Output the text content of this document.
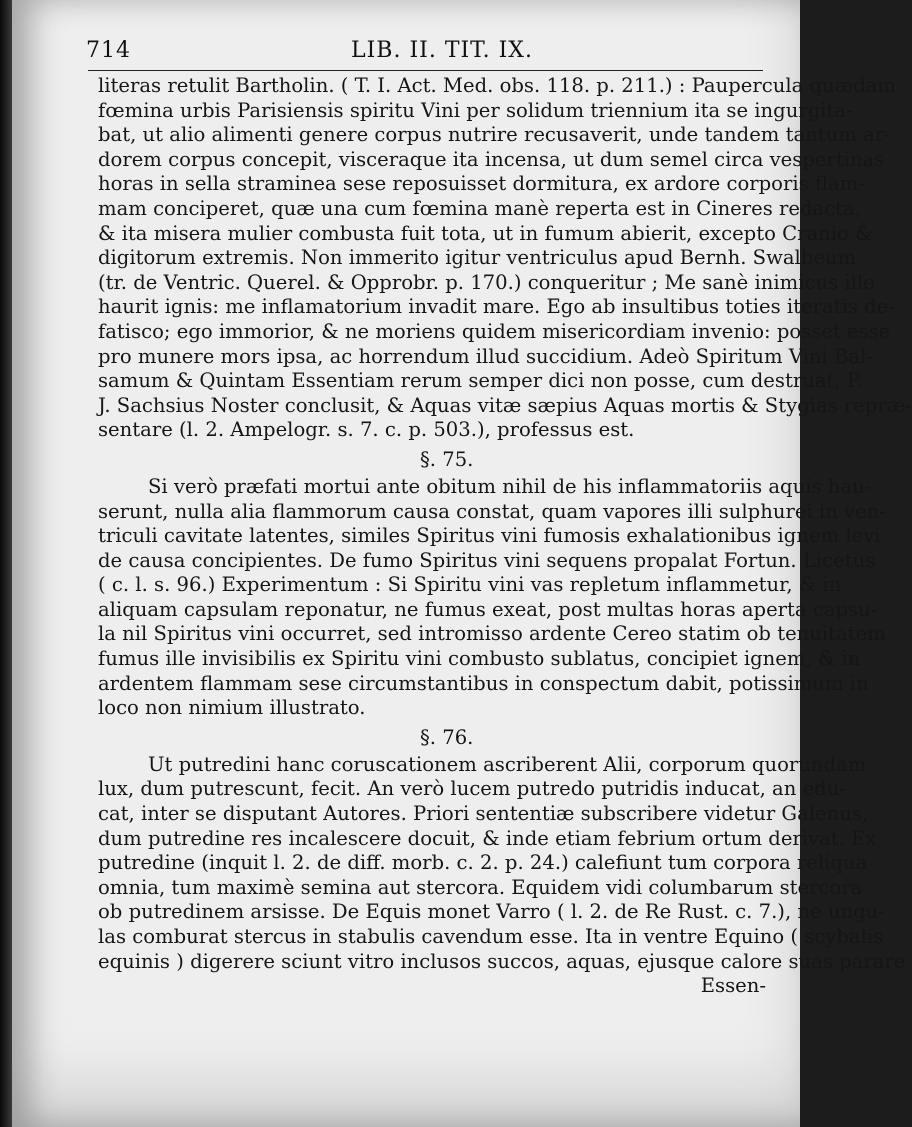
714	LIB. II. TIT. IX.
literas retulit Bartholin. ( T. I. Act. Med. obs. 118. p. 211.) : Paupercula quædam
fœmina urbis Parisiensis spiritu Vini per solidum triennium ita se ingurgita-
bat, ut alio alimenti genere corpus nutrire recusaverit, unde tandem tantum ar-
dorem corpus concepit, visceraque ita incensa, ut dum semel circa vespertinas
horas in sella straminea sese reposuisset dormitura, ex ardore corporis flam-
mam conciperet, quæ una cum fœmina manè reperta est in Cineres redacta,
& ita misera mulier combusta fuit tota, ut in fumum abierit, excepto Cranio &
digitorum extremis. Non immerito igitur ventriculus apud Bernh. Swalbeum
(tr. de Ventric. Querel. & Opprobr. p. 170.) conqueritur ; Me sanè inimicus ille
haurit ignis: me inflamatorium invadit mare. Ego ab insultibus toties iteratis de-
fatisco; ego immorior, & ne moriens quidem misericordiam invenio: posset esse
pro munere mors ipsa, ac horrendum illud succidium. Adeò Spiritum Vini Bal-
samum & Quintam Essentiam rerum semper dici non posse, cum destruat, P.
J. Sachsius Noster conclusit, & Aquas vitæ sæpius Aquas mortis & Stygias repræ-
sentare (l. 2. Ampelogr. s. 7. c. p. 503.), professus est.
§. 75.
Si verò præfati mortui ante obitum nihil de his inflammatoriis aquis hau-
serunt, nulla alia flammorum causa constat, quam vapores illi sulphurei in ven-
triculi cavitate latentes, similes Spiritus vini fumosis exhalationibus ignem levi
de causa concipientes. De fumo Spiritus vini sequens propalat Fortun. Licetus
( c. l. s. 96.) Experimentum : Si Spiritu vini vas repletum inflammetur, & in
aliquam capsulam reponatur, ne fumus exeat, post multas horas aperta capsu-
la nil Spiritus vini occurret, sed intromisso ardente Cereo statim ob tenuitatem
fumus ille invisibilis ex Spiritu vini combusto sublatus, concipiet ignem, & in
ardentem flammam sese circumstantibus in conspectum dabit, potissimum in
loco non nimium illustrato.
§. 76.
Ut putredini hanc coruscationem ascriberent Alii, corporum quorundam
lux, dum putrescunt, fecit. An verò lucem putredo putridis inducat, an edu-
cat, inter se disputant Autores. Priori sententiæ subscribere videtur Galenus,
dum putredine res incalescere docuit, & inde etiam febrium ortum derivat. Ex
putredine (inquit l. 2. de diff. morb. c. 2. p. 24.) calefiunt tum corpora reliqua
omnia, tum maximè semina aut stercora. Equidem vidi columbarum stercora
ob putredinem arsisse. De Equis monet Varro ( l. 2. de Re Rust. c. 7.), ne ungu-
las comburat stercus in stabulis cavendum esse. Ita in ventre Equino ( scybalis
equinis ) digerere sciunt vitro inclusos succos, aquas, ejusque calore suas parare
Essen-
